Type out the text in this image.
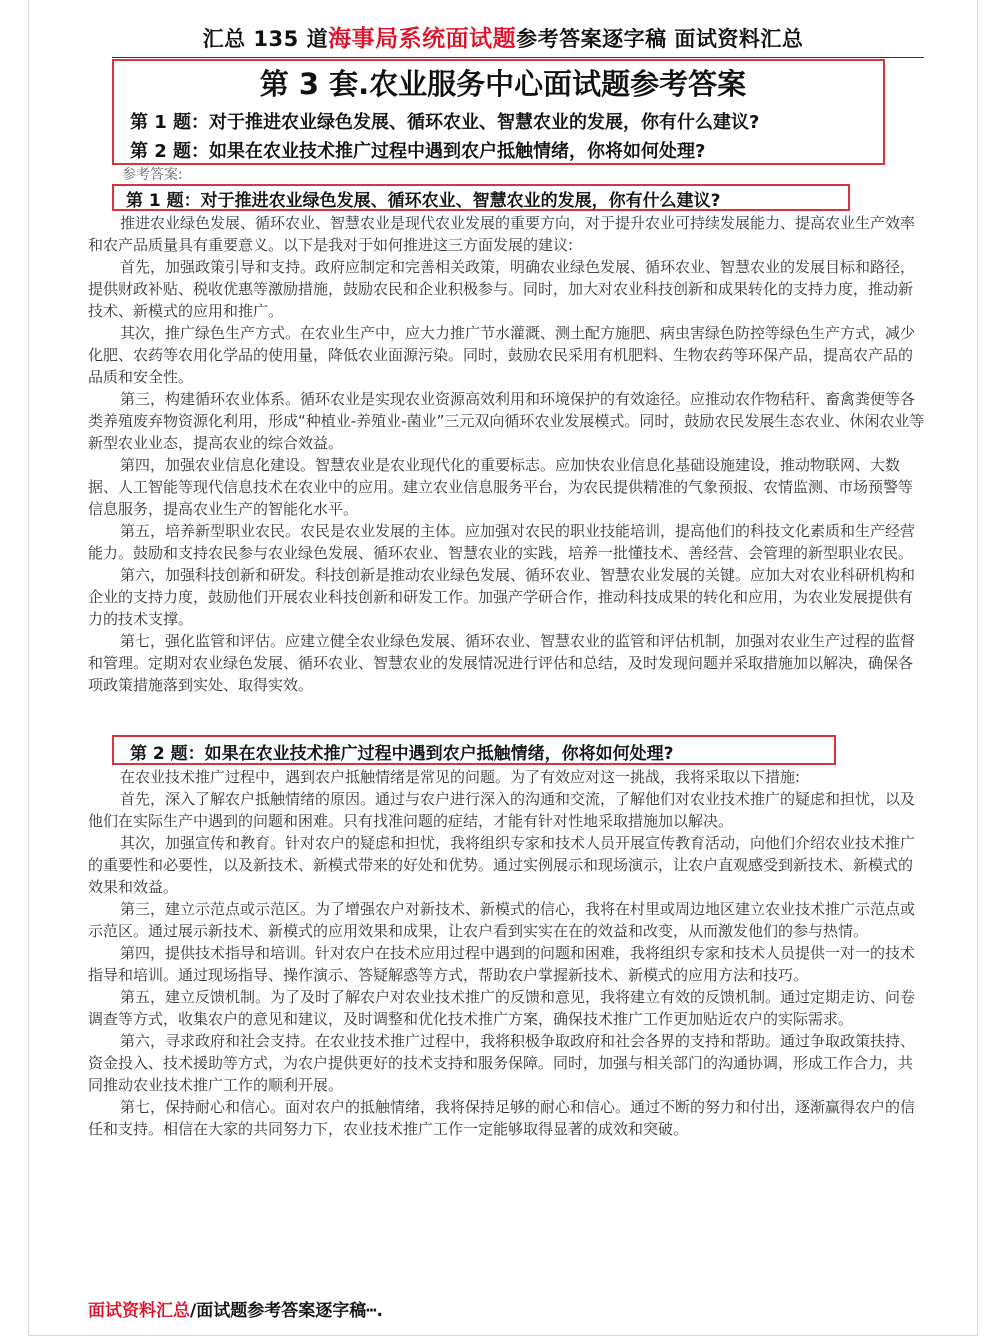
汇总 135 道海事局系统面试题参考答案逐字稿 面试资料汇总
第 3 套.农业服务中心面试题参考答案
第 1 题：对于推进农业绿色发展、循环农业、智慧农业的发展，你有什么建议?
第 2 题：如果在农业技术推广过程中遇到农户抵触情绪，你将如何处理?
参考答案:
第 1 题：对于推进农业绿色发展、循环农业、智慧农业的发展，你有什么建议?

推进农业绿色发展、循环农业、智慧农业是现代农业发展的重要方向，对于提升农业可持续发展能力、提高农业生产效率和农产品质量具有重要意义。以下是我对于如何推进这三方面发展的建议:

首先，加强政策引导和支持。政府应制定和完善相关政策，明确农业绿色发展、循环农业、智慧农业的发展目标和路径，提供财政补贴、税收优惠等激励措施，鼓励农民和企业积极参与。同时，加大对农业科技创新和成果转化的支持力度，推动新技术、新模式的应用和推广。

其次，推广绿色生产方式。在农业生产中，应大力推广节水灌溉、测土配方施肥、病虫害绿色防控等绿色生产方式，减少化肥、农药等农用化学品的使用量，降低农业面源污染。同时，鼓励农民采用有机肥料、生物农药等环保产品，提高农产品的品质和安全性。

第三，构建循环农业体系。循环农业是实现农业资源高效利用和环境保护的有效途径。应推动农作物秸秆、畜禽粪便等各类养殖废弃物资源化利用，形成“种植业-养殖业-菌业”三元双向循环农业发展模式。同时，鼓励农民发展生态农业、休闲农业等新型农业业态，提高农业的综合效益。

第四，加强农业信息化建设。智慧农业是农业现代化的重要标志。应加快农业信息化基础设施建设，推动物联网、大数据、人工智能等现代信息技术在农业中的应用。建立农业信息服务平台，为农民提供精准的气象预报、农情监测、市场预警等信息服务，提高农业生产的智能化水平。

第五，培养新型职业农民。农民是农业发展的主体。应加强对农民的职业技能培训，提高他们的科技文化素质和生产经营能力。鼓励和支持农民参与农业绿色发展、循环农业、智慧农业的实践，培养一批懂技术、善经营、会管理的新型职业农民。

第六，加强科技创新和研发。科技创新是推动农业绿色发展、循环农业、智慧农业发展的关键。应加大对农业科研机构和企业的支持力度，鼓励他们开展农业科技创新和研发工作。加强产学研合作，推动科技成果的转化和应用，为农业发展提供有力的技术支撑。

第七，强化监管和评估。应建立健全农业绿色发展、循环农业、智慧农业的监管和评估机制，加强对农业生产过程的监督和管理。定期对农业绿色发展、循环农业、智慧农业的发展情况进行评估和总结，及时发现问题并采取措施加以解决，确保各项政策措施落到实处、取得实效。

第 2 题：如果在农业技术推广过程中遇到农户抵触情绪，你将如何处理?

在农业技术推广过程中，遇到农户抵触情绪是常见的问题。为了有效应对这一挑战，我将采取以下措施:

首先，深入了解农户抵触情绪的原因。通过与农户进行深入的沟通和交流，了解他们对农业技术推广的疑虑和担忧，以及他们在实际生产中遇到的问题和困难。只有找准问题的症结，才能有针对性地采取措施加以解决。

其次，加强宣传和教育。针对农户的疑虑和担忧，我将组织专家和技术人员开展宣传教育活动，向他们介绍农业技术推广的重要性和必要性，以及新技术、新模式带来的好处和优势。通过实例展示和现场演示，让农户直观感受到新技术、新模式的效果和效益。

第三，建立示范点或示范区。为了增强农户对新技术、新模式的信心，我将在村里或周边地区建立农业技术推广示范点或示范区。通过展示新技术、新模式的应用效果和成果，让农户看到实实在在的效益和改变，从而激发他们的参与热情。

第四，提供技术指导和培训。针对农户在技术应用过程中遇到的问题和困难，我将组织专家和技术人员提供一对一的技术指导和培训。通过现场指导、操作演示、答疑解惑等方式，帮助农户掌握新技术、新模式的应用方法和技巧。

第五，建立反馈机制。为了及时了解农户对农业技术推广的反馈和意见，我将建立有效的反馈机制。通过定期走访、问卷调查等方式，收集农户的意见和建议，及时调整和优化技术推广方案，确保技术推广工作更加贴近农户的实际需求。

第六，寻求政府和社会支持。在农业技术推广过程中，我将积极争取政府和社会各界的支持和帮助。通过争取政策扶持、资金投入、技术援助等方式，为农户提供更好的技术支持和服务保障。同时，加强与相关部门的沟通协调，形成工作合力，共同推动农业技术推广工作的顺利开展。

第七，保持耐心和信心。面对农户的抵触情绪，我将保持足够的耐心和信心。通过不断的努力和付出，逐渐赢得农户的信任和支持。相信在大家的共同努力下，农业技术推广工作一定能够取得显著的成效和突破。

面试资料汇总/面试题参考答案逐字稿┅.
